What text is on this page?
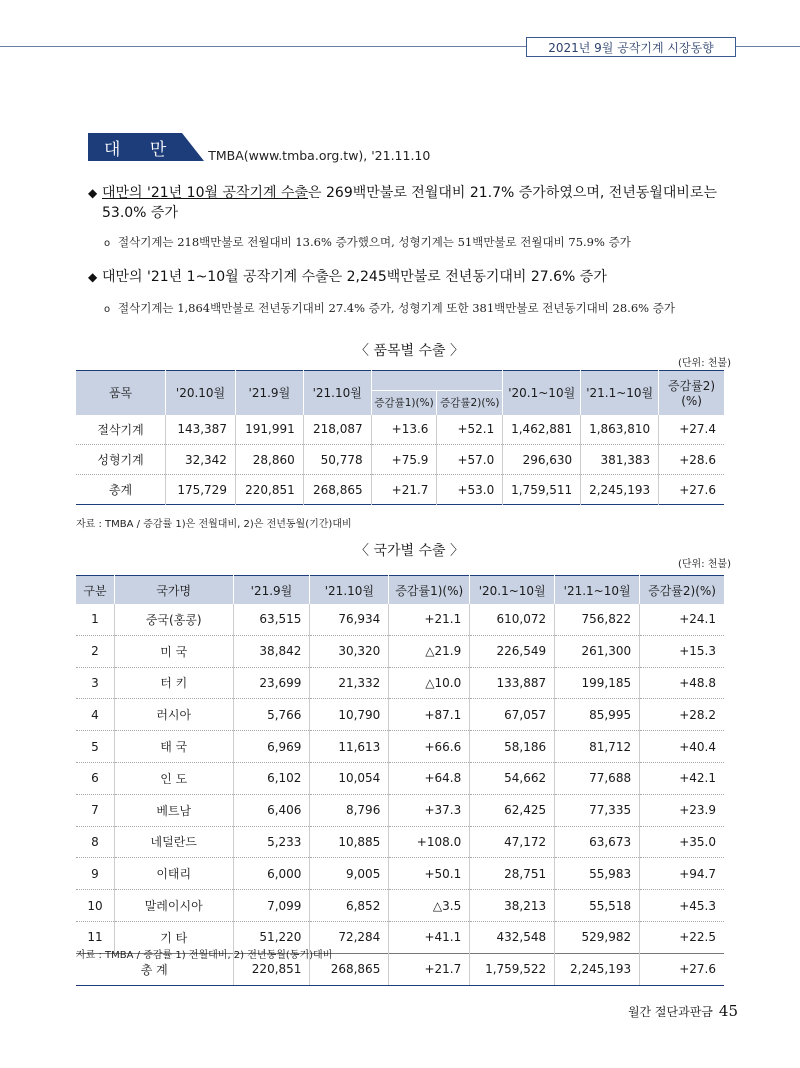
2021년 9월 공작기계 시장동향
대 만	TMBA(www.tmba.org.tw), '21.11.10
◆ 대만의 '21년 10월 공작기계 수출은 269백만불로 전월대비 21.7% 증가하였으며, 전년동월대비로는
53.0% 증가
o 절삭기계는 218백만불로 전월대비 13.6% 증가했으며, 성형기계는 51백만불로 전월대비 75.9% 증가
◆ 대만의 '21년 1~10월 공작기계 수출은 2,245백만불로 전년동기대비 27.6% 증가
o 절삭기계는 1,864백만불로 전년동기대비 27.4% 증가, 성형기계 또한 381백만불로 전년동기대비 28.6% 증가
〈 품목별 수출 〉
(단위: 천불)
품목	'20.10월	'21.9월	'21.10월			'20.1~10월	'21.1~10월	증감률2)(%)
				증감률1)(%)	증감률2)(%)			
절삭기계	143,387	191,991	218,087	+13.6	+52.1	1,462,881	1,863,810	+27.4
성형기계	32,342	28,860	50,778	+75.9	+57.0	296,630	381,383	+28.6
총계	175,729	220,851	268,865	+21.7	+53.0	1,759,511	2,245,193	+27.6
자료 : TMBA / 증감률 1)은 전월대비, 2)은 전년동월(기간)대비
〈 국가별 수출 〉
(단위: 천불)
구분	국가명	'21.9월	'21.10월	증감률1)(%)	'20.1~10월	'21.1~10월	증감률2)(%)
1	중국(홍콩)	63,515	76,934	+21.1	610,072	756,822	+24.1
2	미 국	38,842	30,320	△21.9	226,549	261,300	+15.3
3	터 키	23,699	21,332	△10.0	133,887	199,185	+48.8
4	러시아	5,766	10,790	+87.1	67,057	85,995	+28.2
5	태 국	6,969	11,613	+66.6	58,186	81,712	+40.4
6	인 도	6,102	10,054	+64.8	54,662	77,688	+42.1
7	베트남	6,406	8,796	+37.3	62,425	77,335	+23.9
8	네덜란드	5,233	10,885	+108.0	47,172	63,673	+35.0
9	이태리	6,000	9,005	+50.1	28,751	55,983	+94.7
10	말레이시아	7,099	6,852	△3.5	38,213	55,518	+45.3
11	기 타	51,220	72,284	+41.1	432,548	529,982	+22.5
총 계		220,851	268,865	+21.7	1,759,522	2,245,193	+27.6
자료 : TMBA / 증감률 1) 전월대비, 2) 전년동월(동기)대비
월간 절단과판금 45
